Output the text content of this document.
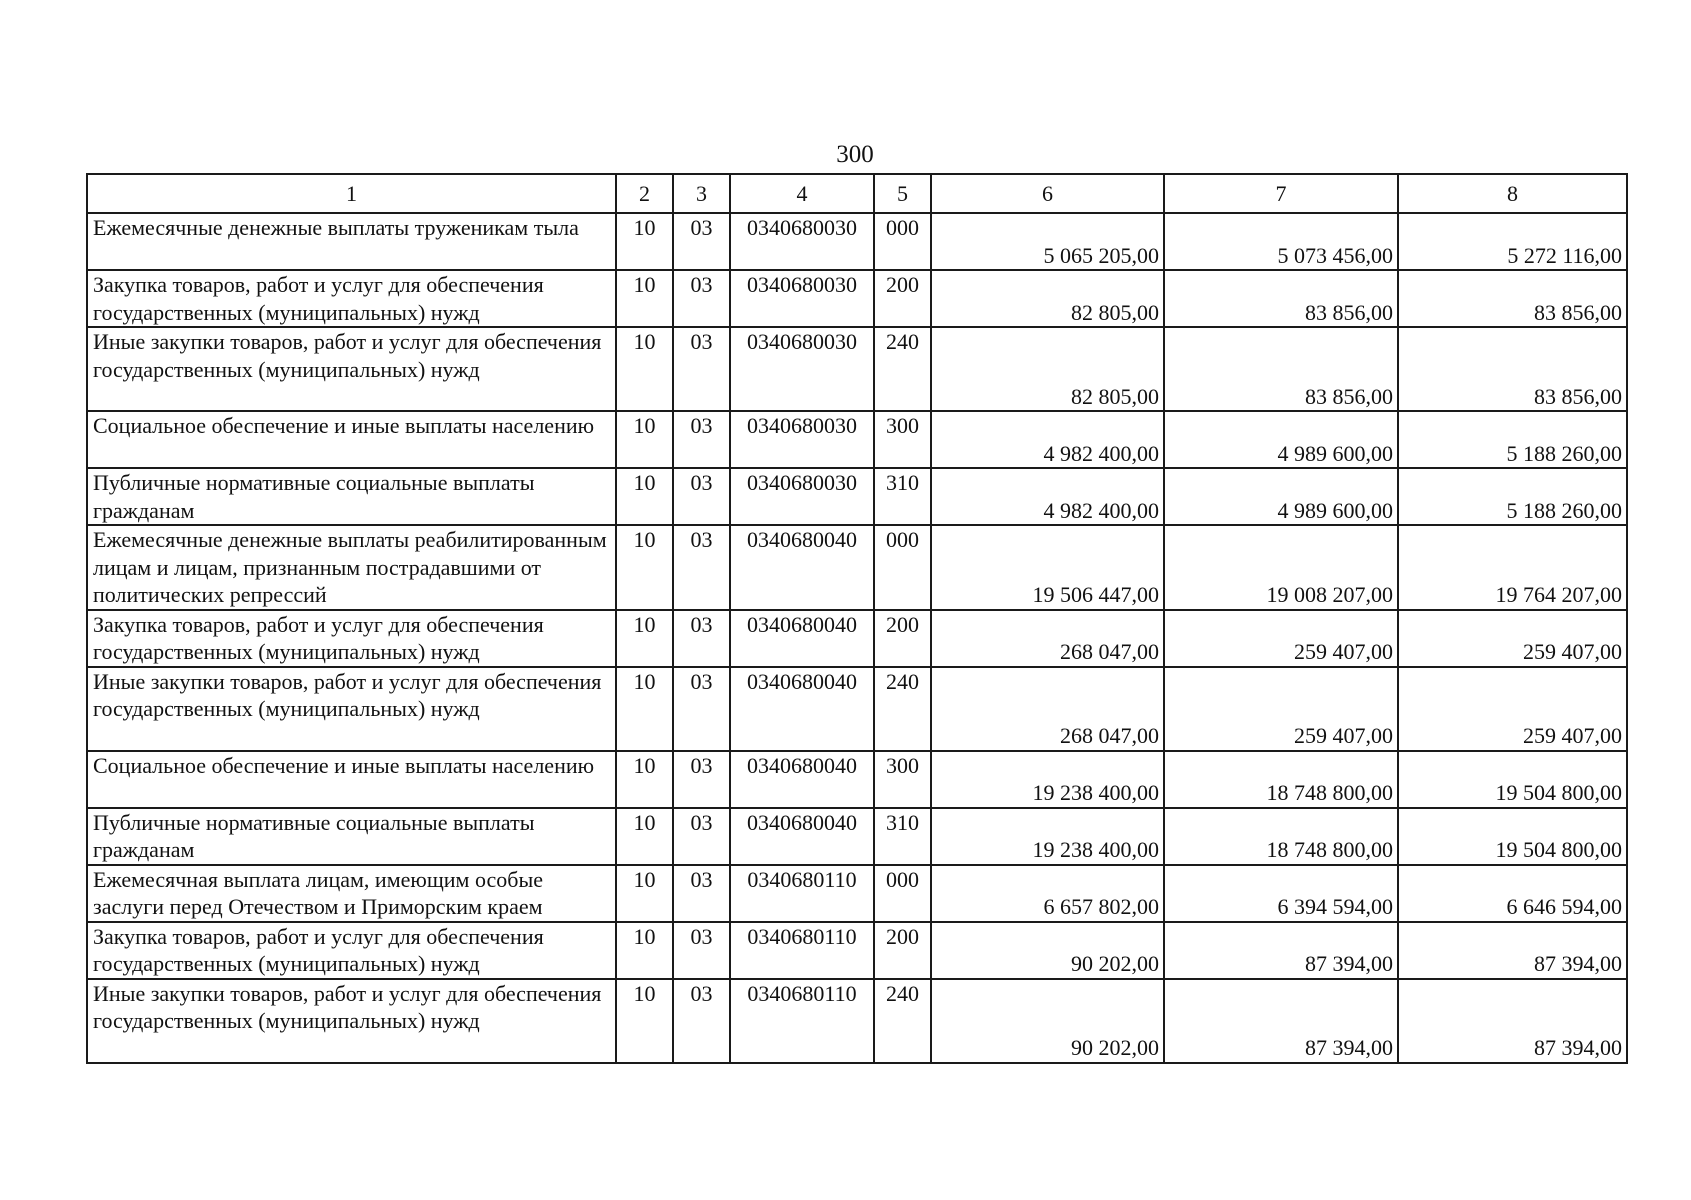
300
1	2	3	4	5	6	7	8
Ежемесячные денежные выплаты труженикам тыла	10	03	0340680030	000	5 065 205,00	5 073 456,00	5 272 116,00
Закупка товаров, работ и услуг для обеспечения государственных (муниципальных) нужд	10	03	0340680030	200	82 805,00	83 856,00	83 856,00
Иные закупки товаров, работ и услуг для обеспечения государственных (муниципальных) нужд	10	03	0340680030	240	82 805,00	83 856,00	83 856,00
Социальное обеспечение и иные выплаты населению	10	03	0340680030	300	4 982 400,00	4 989 600,00	5 188 260,00
Публичные нормативные социальные выплаты гражданам	10	03	0340680030	310	4 982 400,00	4 989 600,00	5 188 260,00
Ежемесячные денежные выплаты реабилитированным лицам и лицам, признанным пострадавшими от политических репрессий	10	03	0340680040	000	19 506 447,00	19 008 207,00	19 764 207,00
Закупка товаров, работ и услуг для обеспечения государственных (муниципальных) нужд	10	03	0340680040	200	268 047,00	259 407,00	259 407,00
Иные закупки товаров, работ и услуг для обеспечения государственных (муниципальных) нужд	10	03	0340680040	240	268 047,00	259 407,00	259 407,00
Социальное обеспечение и иные выплаты населению	10	03	0340680040	300	19 238 400,00	18 748 800,00	19 504 800,00
Публичные нормативные социальные выплаты гражданам	10	03	0340680040	310	19 238 400,00	18 748 800,00	19 504 800,00
Ежемесячная выплата лицам, имеющим особые заслуги перед Отечеством и Приморским краем	10	03	0340680110	000	6 657 802,00	6 394 594,00	6 646 594,00
Закупка товаров, работ и услуг для обеспечения государственных (муниципальных) нужд	10	03	0340680110	200	90 202,00	87 394,00	87 394,00
Иные закупки товаров, работ и услуг для обеспечения государственных (муниципальных) нужд	10	03	0340680110	240	90 202,00	87 394,00	87 394,00
